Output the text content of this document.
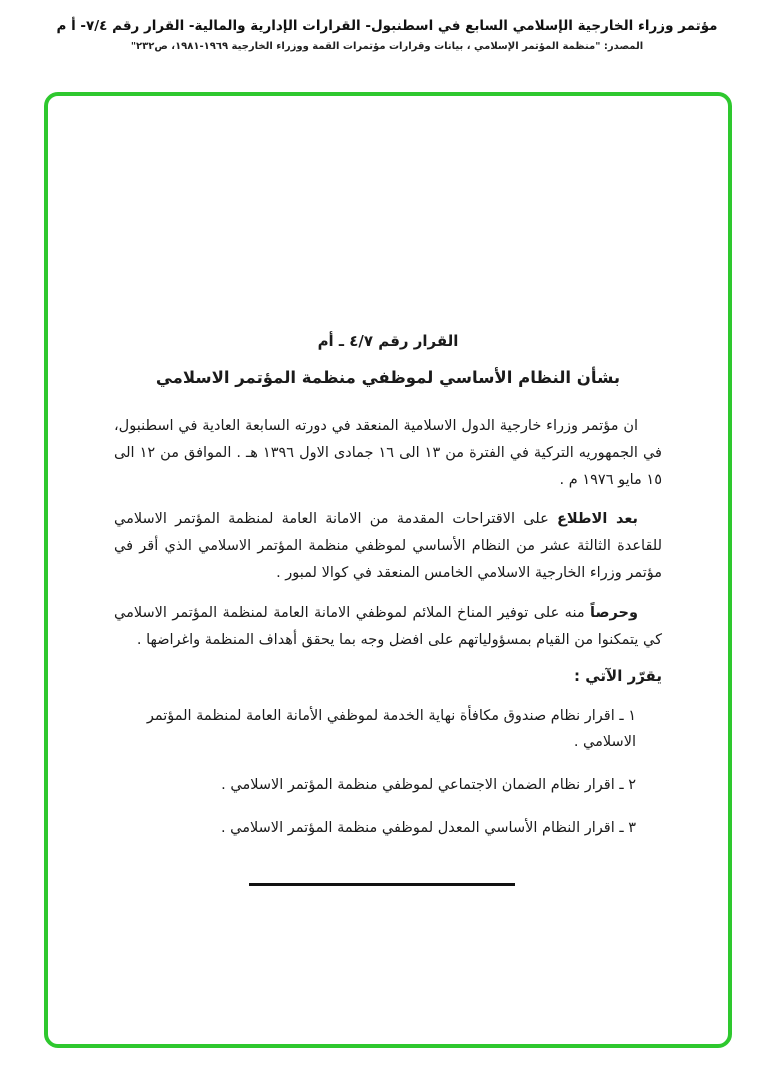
مؤتمر وزراء الخارجية الإسلامي السابع في اسطنبول- القرارات الإدارية والمالية- القرار رقم ٧/٤- أ م
المصدر: "منظمة المؤتمر الإسلامي ، بيانات وقرارات مؤتمرات القمة ووزراء الخارجية ١٩٦٩-١٩٨١، ص٢٣٢"
القرار رقم ٤/٧ ـ أم
بشأن النظام الأساسي لموظفي منظمة المؤتمر الاسلامي

ان مؤتمر وزراء خارجية الدول الاسلامية المنعقد في دورته السابعة العادية في اسطنبول، في الجمهوريه التركية في الفترة من ١٣ الى ١٦ جمادى الاول ١٣٩٦ هـ . الموافق من ١٢ الى ١٥ مايو ١٩٧٦ م .

بعد الاطلاع على الاقتراحات المقدمة من الامانة العامة لمنظمة المؤتمر الاسلامي للقاعدة الثالثة عشر من النظام الأساسي لموظفي منظمة المؤتمر الاسلامي الذي أقر في مؤتمر وزراء الخارجية الاسلامي الخامس المنعقد في كوالا لمبور .

وحرصاً منه على توفير المناخ الملائم لموظفي الامانة العامة لمنظمة المؤتمر الاسلامي كي يتمكنوا من القيام بمسؤولياتهم على افضل وجه بما يحقق أهداف المنظمة واغراضها .

يقرّر الآتي :
١ ـ اقرار نظام صندوق مكافأة نهاية الخدمة لموظفي الأمانة العامة لمنظمة المؤتمر الاسلامي .
٢ ـ اقرار نظام الضمان الاجتماعي لموظفي منظمة المؤتمر الاسلامي .
٣ ـ اقرار النظام الأساسي المعدل لموظفي منظمة المؤتمر الاسلامي .
